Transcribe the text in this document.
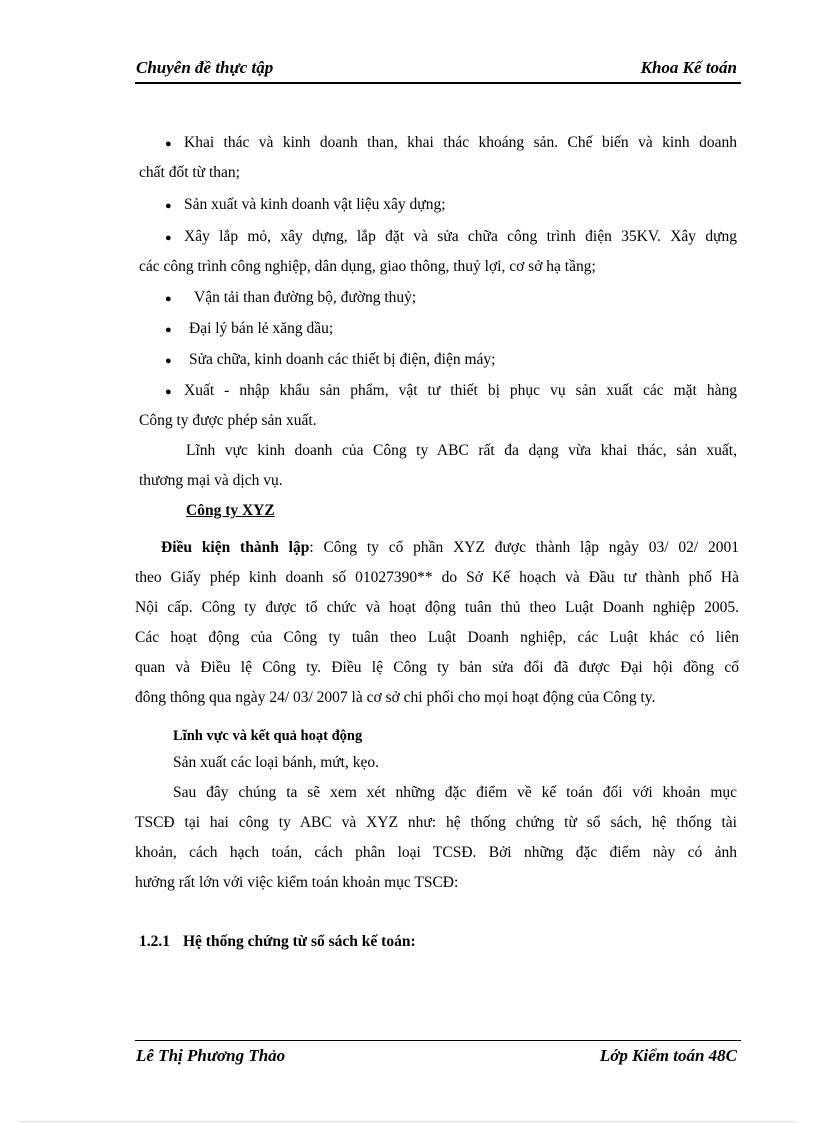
Chuyên đề thực tập	Khoa Kế toán
● Khai thác và kinh doanh than, khai thác khoáng sản. Chế biến và kinh doanh
chất đốt từ than;
● Sản xuất và kinh doanh vật liệu xây dựng;
● Xây lắp mỏ, xây dựng, lắp đặt và sửa chữa công trình điện 35KV. Xây dựng
các công trình công nghiệp, dân dụng, giao thông, thuỷ lợi, cơ sở hạ tầng;
● Vận tải than đường bộ, đường thuỷ;
● Đại lý bán lẻ xăng dầu;
● Sửa chữa, kinh doanh các thiết bị điện, điện máy;
● Xuất - nhập khẩu sản phẩm, vật tư thiết bị phục vụ sản xuất các mặt hàng
Công ty được phép sản xuất.
Lĩnh vực kinh doanh của Công ty ABC rất đa dạng vừa khai thác, sản xuất,
thương mại và dịch vụ.
Công ty XYZ
Điều kiện thành lập: Công ty cổ phần XYZ được thành lập ngày 03/ 02/ 2001
theo Giấy phép kinh doanh số 01027390** do Sở Kế hoạch và Đầu tư thành phố Hà
Nội cấp. Công ty được tổ chức và hoạt động tuân thủ theo Luật Doanh nghiệp 2005.
Các hoạt động của Công ty tuân theo Luật Doanh nghiệp, các Luật khác có liên
quan và Điều lệ Công ty. Điều lệ Công ty bản sửa đổi đã được Đại hội đồng cổ
đông thông qua ngày 24/ 03/ 2007 là cơ sở chi phối cho mọi hoạt động của Công ty.
Lĩnh vực và kết quả hoạt động
Sản xuất các loại bánh, mứt, kẹo.
Sau đây chúng ta sẽ xem xét những đặc điểm về kế toán đối với khoản mục
TSCĐ tại hai công ty ABC và XYZ như: hệ thống chứng từ sổ sách, hệ thống tài
khoản, cách hạch toán, cách phân loại TCSĐ. Bởi những đặc điểm này có ảnh
hưởng rất lớn với việc kiểm toán khoản mục TSCĐ:
1.2.1 Hệ thống chứng từ sổ sách kế toán:
Lê Thị Phương Thảo	Lớp Kiểm toán 48C
